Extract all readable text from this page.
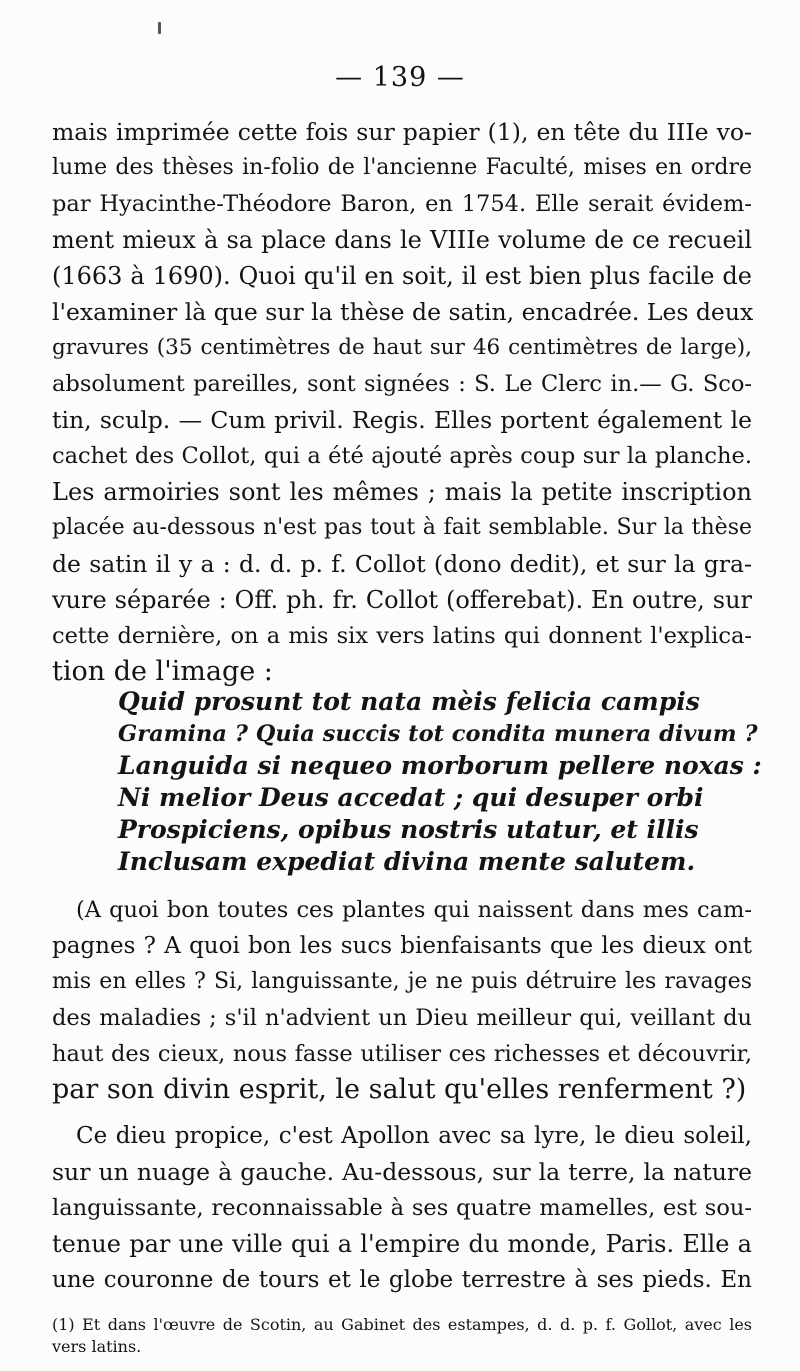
— 139 —
mais imprimée cette fois sur papier (1), en tête du IIIe vo-
lume des thèses in-folio de l'ancienne Faculté, mises en ordre
par Hyacinthe-Théodore Baron, en 1754. Elle serait évidem-
ment mieux à sa place dans le VIIIe volume de ce recueil
(1663 à 1690). Quoi qu'il en soit, il est bien plus facile de
l'examiner là que sur la thèse de satin, encadrée. Les deux
gravures (35 centimètres de haut sur 46 centimètres de large),
absolument pareilles, sont signées : S. Le Clerc in.— G. Sco-
tin, sculp. — Cum privil. Regis. Elles portent également le
cachet des Collot, qui a été ajouté après coup sur la planche.
Les armoiries sont les mêmes ; mais la petite inscription
placée au-dessous n'est pas tout à fait semblable. Sur la thèse
de satin il y a : d. d. p. f. Collot (dono dedit), et sur la gra-
vure séparée : Off. ph. fr. Collot (offerebat). En outre, sur
cette dernière, on a mis six vers latins qui donnent l'explica-
tion de l'image :
Quid prosunt tot nata mèis felicia campis
Gramina ? Quia succis tot condita munera divum ?
Languida si nequeo morborum pellere noxas :
Ni melior Deus accedat ; qui desuper orbi
Prospiciens, opibus nostris utatur, et illis
Inclusam expediat divina mente salutem.
(A quoi bon toutes ces plantes qui naissent dans mes cam-
pagnes ? A quoi bon les sucs bienfaisants que les dieux ont
mis en elles ? Si, languissante, je ne puis détruire les ravages
des maladies ; s'il n'advient un Dieu meilleur qui, veillant du
haut des cieux, nous fasse utiliser ces richesses et découvrir,
par son divin esprit, le salut qu'elles renferment ?)
Ce dieu propice, c'est Apollon avec sa lyre, le dieu soleil,
sur un nuage à gauche. Au-dessous, sur la terre, la nature
languissante, reconnaissable à ses quatre mamelles, est sou-
tenue par une ville qui a l'empire du monde, Paris. Elle a
une couronne de tours et le globe terrestre à ses pieds. En
(1) Et dans l'œuvre de Scotin, au Gabinet des estampes, d. d. p. f. Gollot, avec les
vers latins.
